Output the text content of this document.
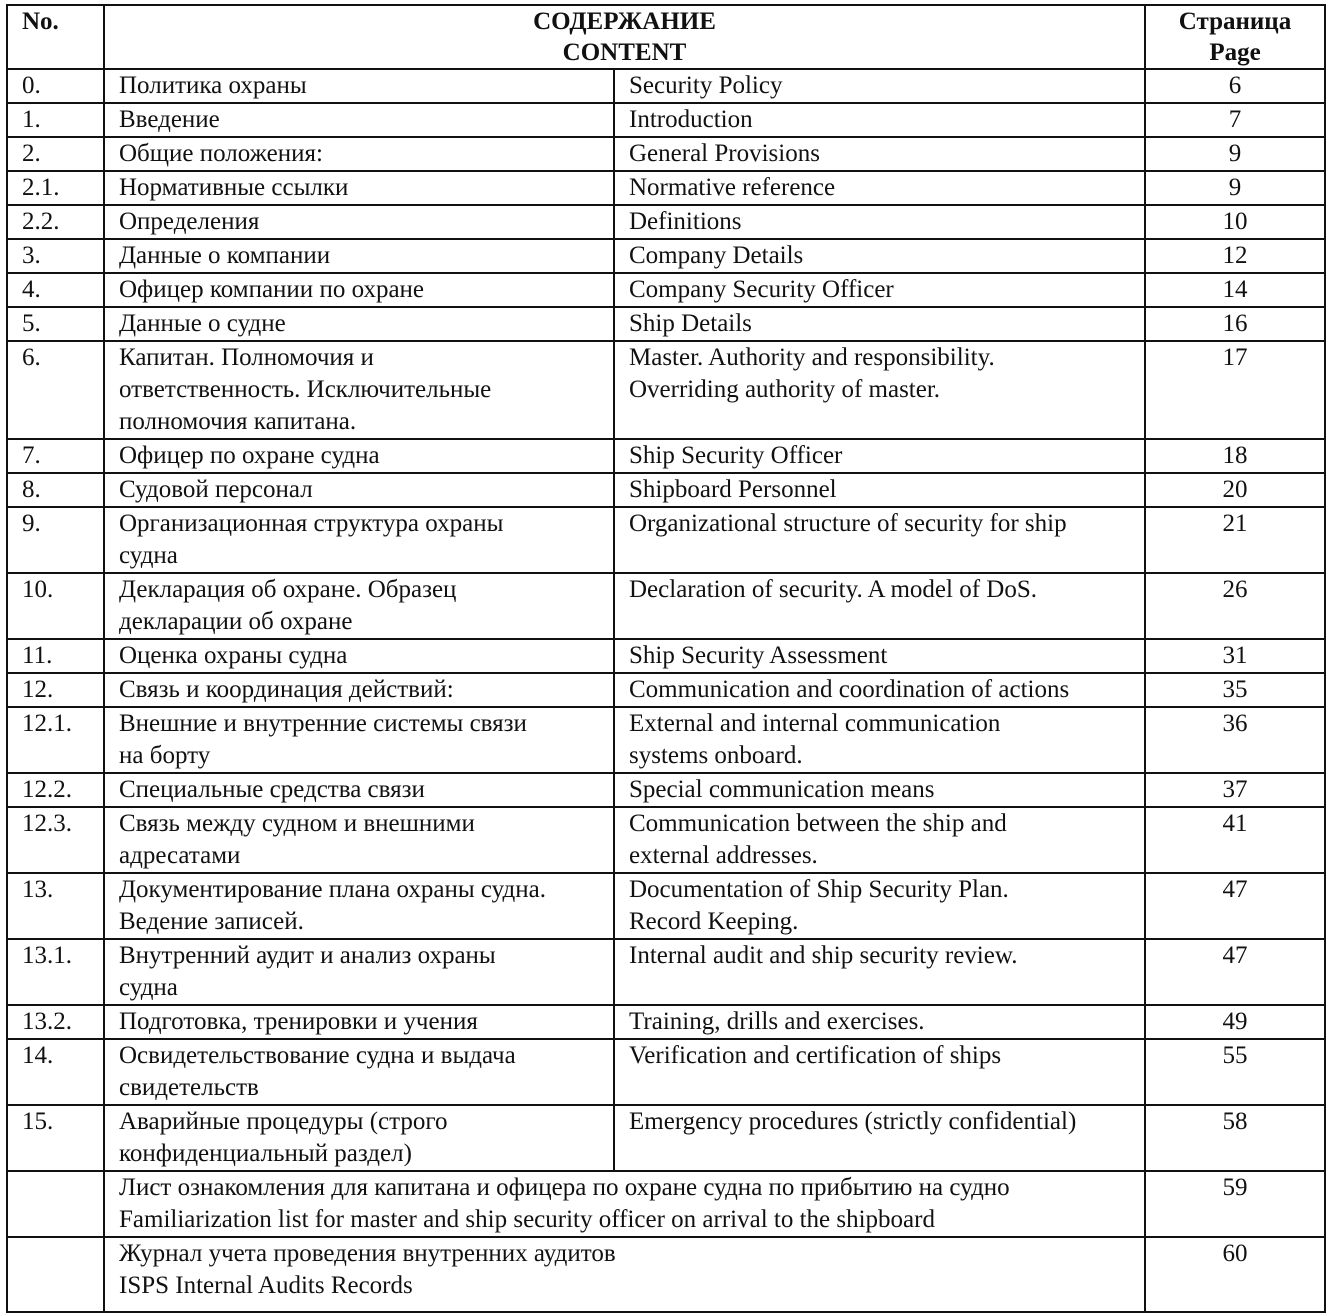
No.	СОДЕРЖАНИЕ
CONTENT		Страница
Page

0.	Политика охраны	Security Policy	6
1.	Введение	Introduction	7
2.	Общие положения:	General Provisions	9
2.1.	Нормативные ссылки	Normative reference	9
2.2.	Определения	Definitions	10
3.	Данные о компании	Company Details	12
4.	Офицер компании по охране	Company Security Officer	14
5.	Данные о судне	Ship Details	16
6.	Капитан. Полномочия и
ответственность. Исключительные
полномочия капитана.	Master. Authority and responsibility.
Overriding authority of master.	17
7.	Офицер по охране судна	Ship Security Officer	18
8.	Судовой персонал	Shipboard Personnel	20
9.	Организационная структура охраны
судна	Organizational structure of security for ship	21
10.	Декларация об охране. Образец
декларации об охране	Declaration of security. A model of DoS.	26
11.	Оценка охраны судна	Ship Security Assessment	31
12.	Связь и координация действий:	Communication and coordination of actions	35
12.1.	Внешние и внутренние системы связи
на борту	External and internal communication
systems onboard.	36
12.2.	Специальные средства связи	Special communication means	37
12.3.	Связь между судном и внешними
адресатами	Communication between the ship and
external addresses.	41
13.	Документирование плана охраны судна.
Ведение записей.	Documentation of Ship Security Plan.
Record Keeping.	47
13.1.	Внутренний аудит и анализ охраны
судна	Internal audit and ship security review.	47
13.2.	Подготовка, тренировки и учения	Training, drills and exercises.	49
14.	Освидетельствование судна и выдача
свидетельств	Verification and certification of ships	55
15.	Аварийные процедуры (строго
конфиденциальный раздел)	Emergency procedures (strictly confidential)	58

	Лист ознакомления для капитана и офицера по охране судна по прибытию на судно
Familiarization list for master and ship security officer on arrival to the shipboard		59

	Журнал учета проведения внутренних аудитов
ISPS Internal Audits Records		60
